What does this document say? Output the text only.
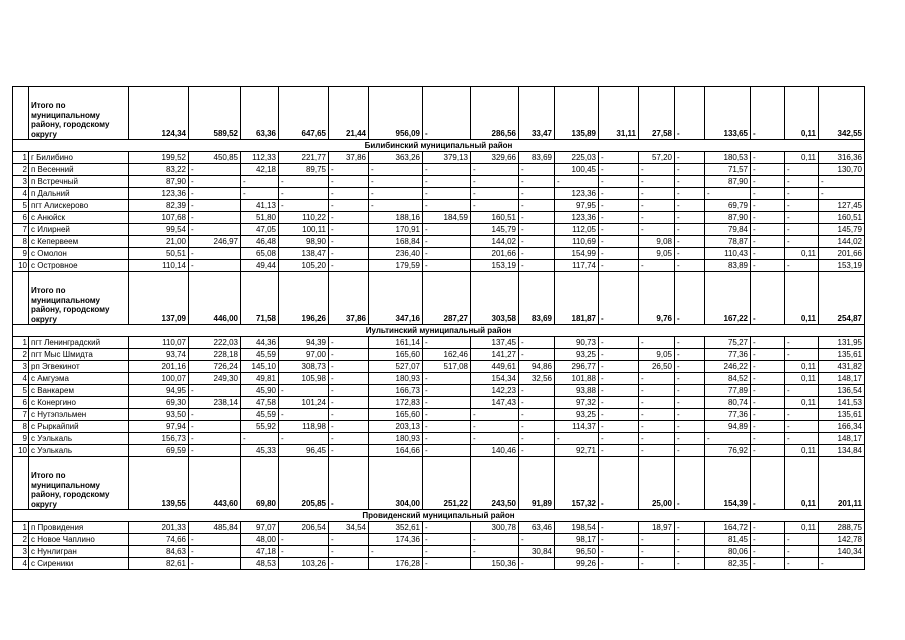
	Итого по муниципальному району, городскому округу	124,34	589,52	63,36	647,65	21,44	956,09	-	286,56	33,47	135,89	31,11	27,58	-	133,65	-	0,11	342,55
Билибинский муниципальный район																		
1	г Билибино	199,52	450,85	112,33	221,77	37,86	363,26	379,13	329,66	83,69	225,03	-	57,20	-	180,53	-	0,11	316,36
2	п Весенний	83,22	-	42,18	89,75	-	-	-	-	-	100,45	-	-	-	71,57	-	-	130,70
3	п Встречный	87,90	-	-	-	-	-	-	-	-	-	-	-	-	87,90	-	-	-
4	п Дальний	123,36	-	-	-	-	-	-	-	-	123,36	-	-	-	-	-	-	-
5	пгт Алискерово	82,39	-	41,13	-	-	-	-	-	-	97,95	-	-	-	69,79	-	-	127,45
6	с Анюйск	107,68	-	51,80	110,22	-	188,16	184,59	160,51	-	123,36	-	-	-	87,90	-	-	160,51
7	с Илирней	99,54	-	47,05	100,11	-	170,91	-	145,79	-	112,05	-	-	-	79,84	-	-	145,79
8	с Кепервеем	21,00	246,97	46,48	98,90	-	168,84	-	144,02	-	110,69	-	9,08	-	78,87	-	-	144,02
9	с Омолон	50,51	-	65,08	138,47	-	236,40	-	201,66	-	154,99	-	9,05	-	110,43	-	0,11	201,66
10	с Островное	110,14	-	49,44	105,20	-	179,59	-	153,19	-	117,74	-	-	-	83,89	-	-	153,19
	Итого по муниципальному району, городскому округу	137,09	446,00	71,58	196,26	37,86	347,16	287,27	303,58	83,69	181,87	-	9,76	-	167,22	-	0,11	254,87
Иультинский муниципальный район																		
1	пгт Ленинградский	110,07	222,03	44,36	94,39	-	161,14	-	137,45	-	90,73	-	-	-	75,27	-	-	131,95
2	пгт Мыс Шмидта	93,74	228,18	45,59	97,00	-	165,60	162,46	141,27	-	93,25	-	9,05	-	77,36	-	-	135,61
3	рп Эгвекинот	201,16	726,24	145,10	308,73	-	527,07	517,08	449,61	94,86	296,77	-	26,50	-	246,22	-	0,11	431,82
4	с Амгуэма	100,07	249,30	49,81	105,98	-	180,93	-	154,34	32,56	101,88	-	-	-	84,52	-	0,11	148,17
5	с Ванкарем	94,95	-	45,90	-	-	166,73	-	142,23	-	93,88	-	-	-	77,89	-	-	136,54
6	с Конергино	69,30	238,14	47,58	101,24	-	172,83	-	147,43	-	97,32	-	-	-	80,74	-	0,11	141,53
7	с Нутэпэльмен	93,50	-	45,59	-	-	165,60	-	-	-	93,25	-	-	-	77,36	-	-	135,61
8	с Рыркайпий	97,94	-	55,92	118,98	-	203,13	-	-	-	114,37	-	-	-	94,89	-	-	166,34
9	с Уэлькаль	156,73	-	-	-	-	180,93	-	-	-	-	-	-	-	-	-	-	148,17
10	с Уэлькаль	69,59	-	45,33	96,45	-	164,66	-	140,46	-	92,71	-	-	-	76,92	-	0,11	134,84
	Итого по муниципальному району, городскому округу	139,55	443,60	69,80	205,85	-	304,00	251,22	243,50	91,89	157,32	-	25,00	-	154,39	-	0,11	201,11
Провиденский муниципальный район																		
1	п Провидения	201,33	485,84	97,07	206,54	34,54	352,61	-	300,78	63,46	198,54	-	18,97	-	164,72	-	0,11	288,75
2	с Новое Чаплино	74,66	-	48,00	-	-	174,36	-	-	-	98,17	-	-	-	81,45	-	-	142,78
3	с Нунлигран	84,63	-	47,18	-	-	-	-	-	30,84	96,50	-	-	-	80,06	-	-	140,34
4	с Сиреники	82,61	-	48,53	103,26	-	176,28	-	150,36	-	99,26	-	-	-	82,35	-	-	-
